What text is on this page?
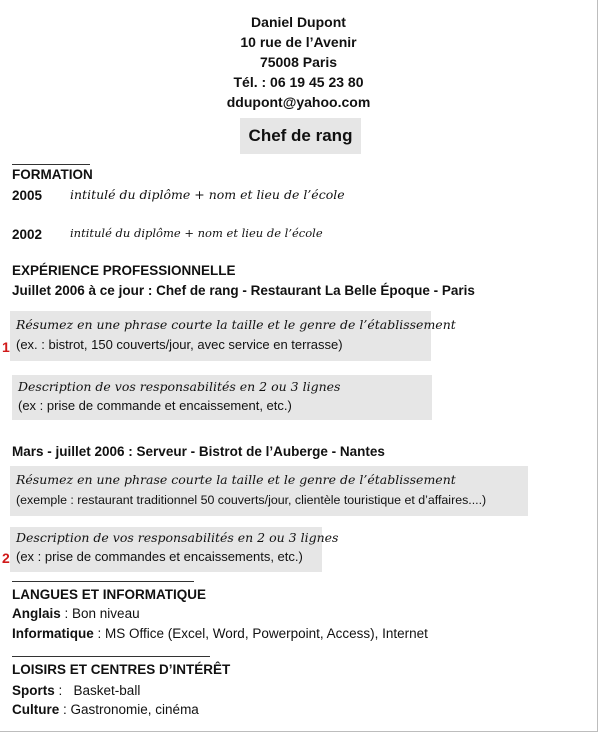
Daniel Dupont
10 rue de l’Avenir
75008 Paris
Tél. : 06 19 45 23 80
ddupont@yahoo.com
Chef de rang
FORMATION
2005 intitulé du diplôme + nom et lieu de l’école
2002 intitulé du diplôme + nom et lieu de l’école
EXPÉRIENCE PROFESSIONNELLE
Juillet 2006 à ce jour : Chef de rang - Restaurant La Belle Époque - Paris
Résumez en une phrase courte la taille et le genre de l’établissement
(ex. : bistrot, 150 couverts/jour, avec service en terrasse)
1
Description de vos responsabilités en 2 ou 3 lignes
(ex : prise de commande et encaissement, etc.)
Mars - juillet 2006 : Serveur - Bistrot de l’Auberge - Nantes
Résumez en une phrase courte la taille et le genre de l’établissement
(exemple : restaurant traditionnel 50 couverts/jour, clientèle touristique et d’affaires....)
Description de vos responsabilités en 2 ou 3 lignes
(ex : prise de commandes et encaissements, etc.)
2
LANGUES ET INFORMATIQUE
Anglais : Bon niveau
Informatique : MS Office (Excel, Word, Powerpoint, Access), Internet
LOISIRS ET CENTRES D’INTÉRÊT
Sports :   Basket-ball
Culture : Gastronomie, cinéma
